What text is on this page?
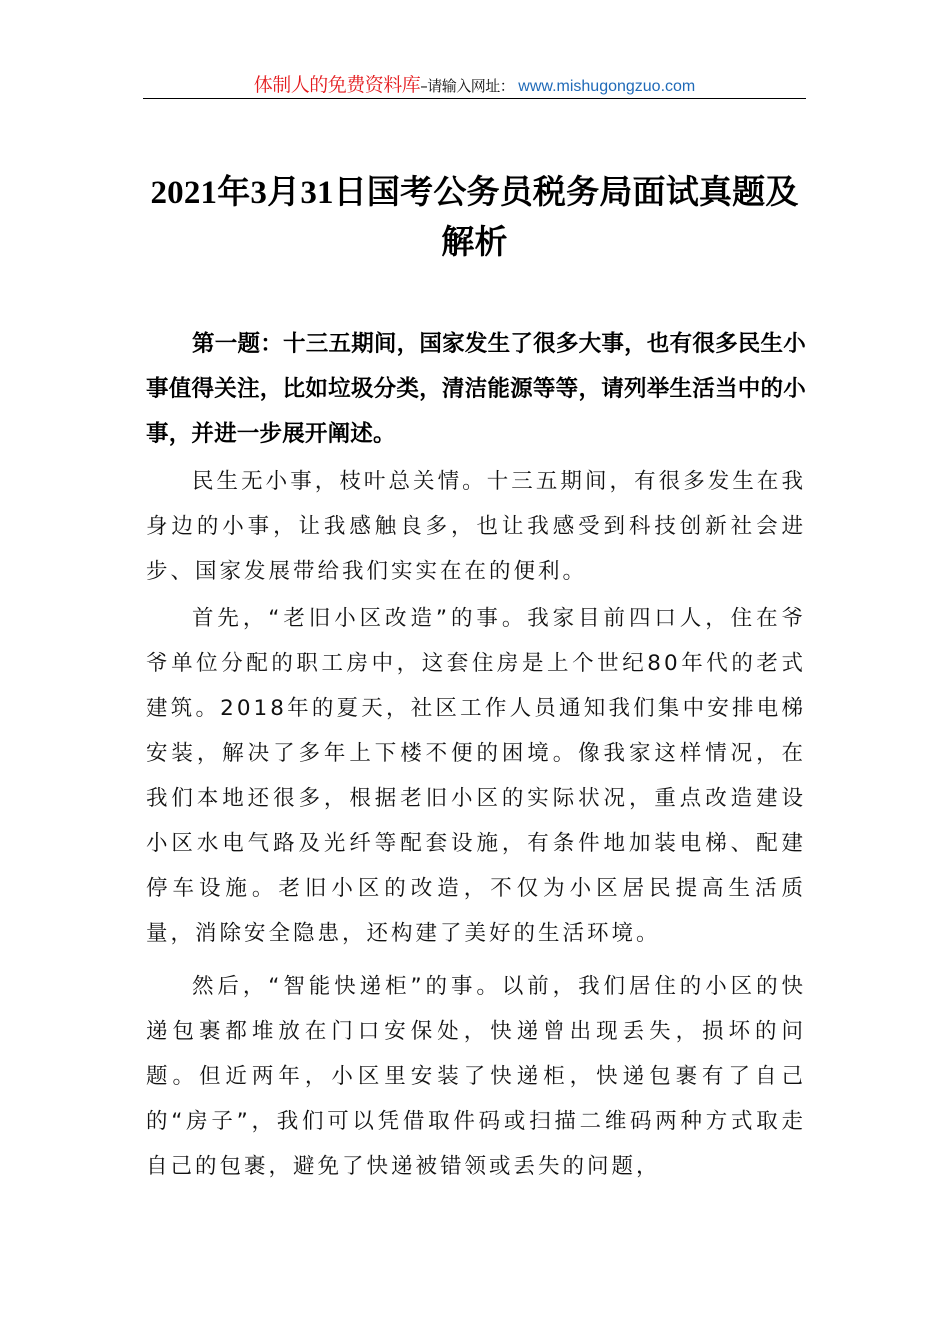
体制人的免费资料库–请输入网址： www.mishugongzuo.com
2021年3月31日国考公务员税务局面试真题及解析

第一题：十三五期间，国家发生了很多大事，也有很多民生小事值得关注，比如垃圾分类，清洁能源等等，请列举生活当中的小事，并进一步展开阐述。

民生无小事，枝叶总关情。十三五期间，有很多发生在我身边的小事，让我感触良多，也让我感受到科技创新社会进步、国家发展带给我们实实在在的便利。

首先，“老旧小区改造”的事。我家目前四口人，住在爷爷单位分配的职工房中，这套住房是上个世纪80年代的老式建筑。2018年的夏天，社区工作人员通知我们集中安排电梯安装，解决了多年上下楼不便的困境。像我家这样情况，在我们本地还很多，根据老旧小区的实际状况，重点改造建设小区水电气路及光纤等配套设施，有条件地加装电梯、配建停车设施。老旧小区的改造，不仅为小区居民提高生活质量，消除安全隐患，还构建了美好的生活环境。

然后，“智能快递柜”的事。以前，我们居住的小区的快递包裹都堆放在门口安保处，快递曾出现丢失，损坏的问题。但近两年，小区里安装了快递柜，快递包裹有了自己的“房子”，我们可以凭借取件码或扫描二维码两种方式取走自己的包裹，避免了快递被错领或丢失的问题，
